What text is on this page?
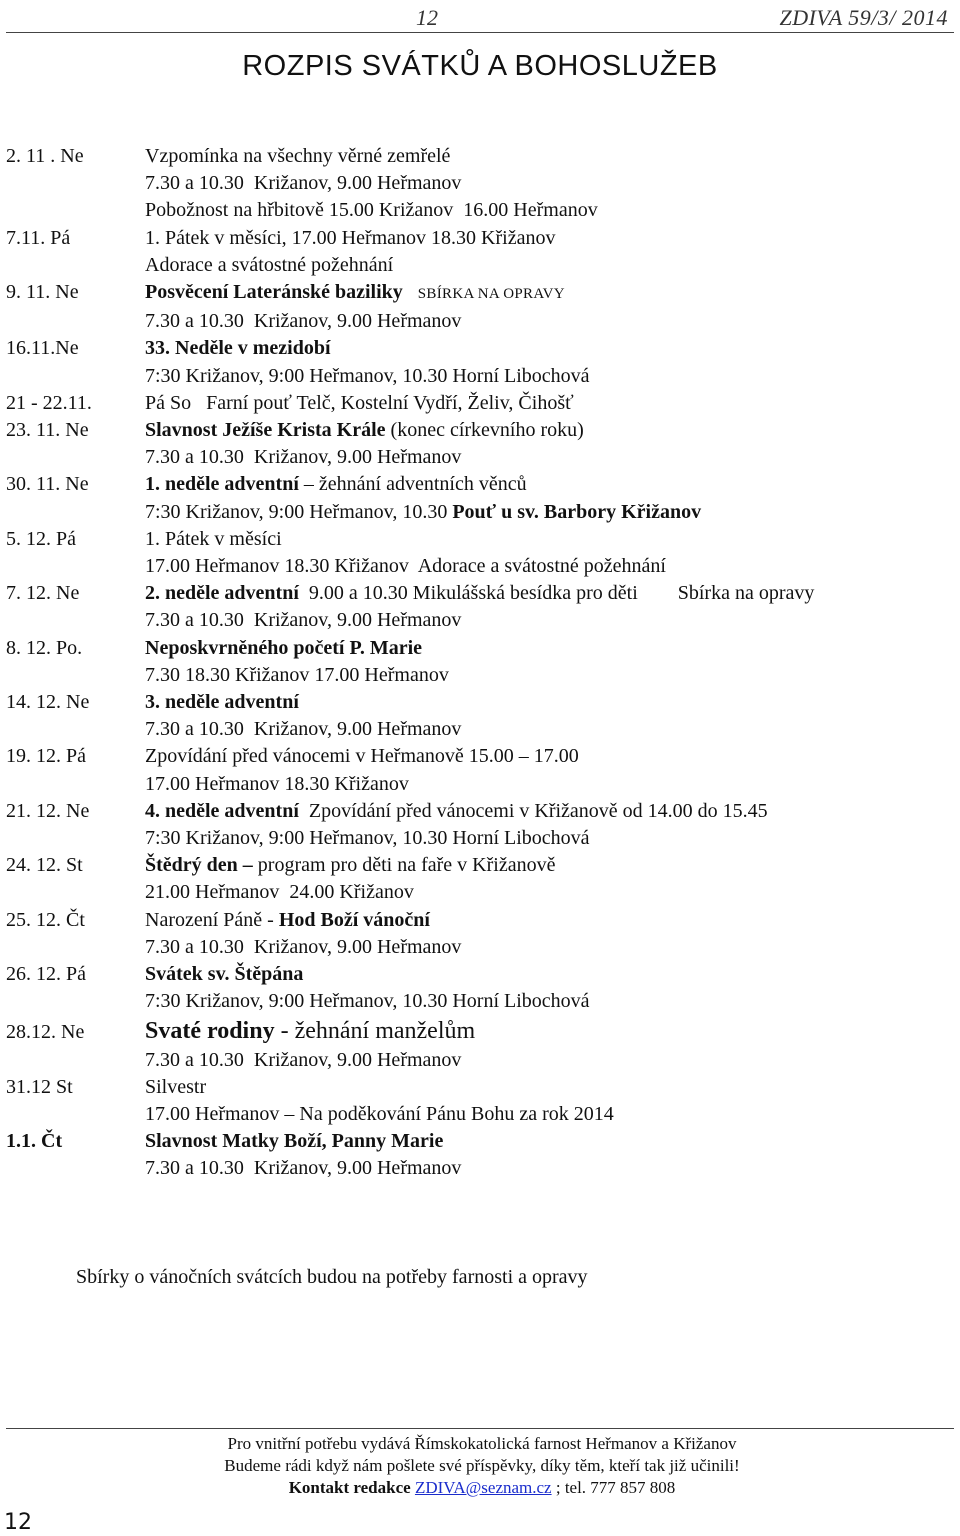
12	ZDIVA 59/3/ 2014
ROZPIS SVÁTKŮ A BOHOSLUŽEB
2. 11 . Ne	Vzpomínka na všechny věrné zemřelé
7.30 a 10.30  Križanov, 9.00 Heřmanov
Pobožnost na hřbitově 15.00 Križanov  16.00 Heřmanov
7.11. Pá	1. Pátek v měsíci, 17.00 Heřmanov 18.30 Křižanov
Adorace a svátostné požehnání
9. 11. Ne	Posvěcení Lateránské baziliky SBÍRKA NA OPRAVY
7.30 a 10.30  Križanov, 9.00 Heřmanov
16.11.Ne	33. Neděle v mezidobí
7:30 Križanov, 9:00 Heřmanov, 10.30 Horní Libochová
21 - 22.11.	Pá So   Farní pouť Telč, Kostelní Vydří, Želiv, Čihošť
23. 11. Ne	Slavnost Ježíše Krista Krále (konec církevního roku)
7.30 a 10.30  Križanov, 9.00 Heřmanov
30. 11. Ne	1. neděle adventní – žehnání adventních věnců
7:30 Križanov, 9:00 Heřmanov, 10.30 Pouť u sv. Barbory Křižanov
5. 12. Pá	1. Pátek v měsíci
17.00 Heřmanov 18.30 Křižanov  Adorace a svátostné požehnání
7. 12. Ne	2. neděle adventní  9.00 a 10.30 Mikulášská besídka pro děti Sbírka na opravy
7.30 a 10.30  Križanov, 9.00 Heřmanov
8. 12. Po.	Neposkvrněného početí P. Marie
7.30 18.30 Křižanov 17.00 Heřmanov
14. 12. Ne	3. neděle adventní
7.30 a 10.30  Križanov, 9.00 Heřmanov
19. 12. Pá	Zpovídání před vánocemi v Heřmanově 15.00 – 17.00
17.00 Heřmanov 18.30 Křižanov
21. 12. Ne	4. neděle adventní  Zpovídání před vánocemi v Křižanově od 14.00 do 15.45
7:30 Križanov, 9:00 Heřmanov, 10.30 Horní Libochová
24. 12. St	Štědrý den – program pro děti na faře v Křižanově
21.00 Heřmanov  24.00 Křižanov
25. 12. Čt	Narození Páně - Hod Boží vánoční
7.30 a 10.30  Križanov, 9.00 Heřmanov
26. 12. Pá	Svátek sv. Štěpána
7:30 Križanov, 9:00 Heřmanov, 10.30 Horní Libochová
28.12. Ne	Svaté rodiny - žehnání manželům
7.30 a 10.30  Križanov, 9.00 Heřmanov
31.12 St	Silvestr
17.00 Heřmanov – Na poděkování Pánu Bohu za rok 2014
1.1. Čt	Slavnost Matky Boží, Panny Marie
7.30 a 10.30  Križanov, 9.00 Heřmanov
Sbírky o vánočních svátcích budou na potřeby farnosti a opravy
Pro vnitřní potřebu vydává Římskokatolická farnost Heřmanov a Křižanov
Budeme rádi když nám pošlete své příspěvky, díky těm, kteří tak již učinili!
Kontakt redakce ZDIVA@seznam.cz ; tel. 777 857 808
12
